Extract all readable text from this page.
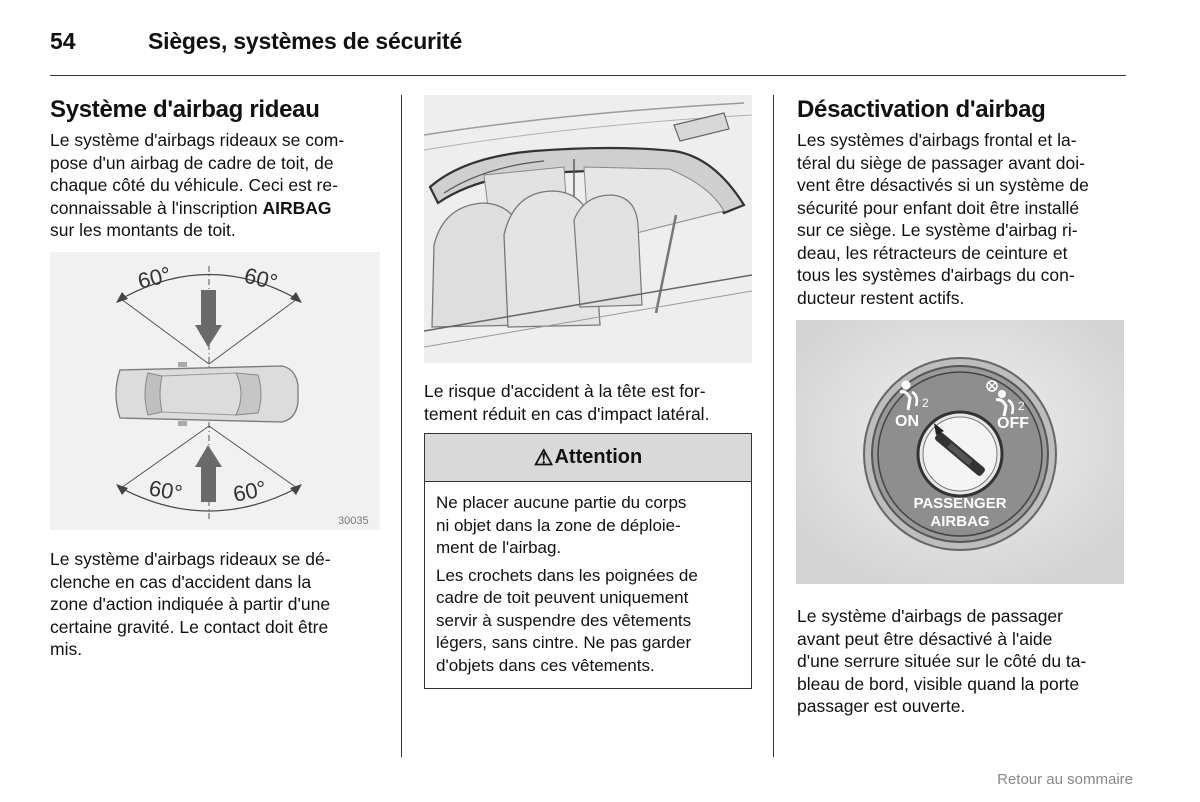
54	Sièges, systèmes de sécurité
Système d'airbag rideau

Le système d'airbags rideaux se com-

pose d'un airbag de cadre de toit, de

chaque côté du véhicule. Ceci est re-

connaissable à l'inscription AIRBAG

sur les montants de toit.

60°	60°
60° 60°
30035

Le système d'airbags rideaux se dé-

clenche en cas d'accident dans la

zone d'action indiquée à partir d'une

certaine gravité. Le contact doit être

mis.

Le risque d'accident à la tête est for-

tement réduit en cas d'impact latéral.

⚠ Attention

Ne placer aucune partie du corps
ni objet dans la zone de déploie-
ment de l'airbag.

Les crochets dans les poignées de
cadre de toit peuvent uniquement
servir à suspendre des vêtements
légers, sans cintre. Ne pas garder
d'objets dans ces vêtements.

Désactivation d'airbag

Les systèmes d'airbags frontal et la-

téral du siège de passager avant doi-

vent être désactivés si un système de

sécurité pour enfant doit être installé

sur ce siège. Le système d'airbag ri-

deau, les rétracteurs de ceinture et

tous les systèmes d'airbags du con-

ducteur restent actifs.

2	2
ON	OFF
PASSENGER
AIRBAG

Le système d'airbags de passager

avant peut être désactivé à l'aide

d'une serrure située sur le côté du ta-

bleau de bord, visible quand la porte

passager est ouverte.

Retour au sommaire
